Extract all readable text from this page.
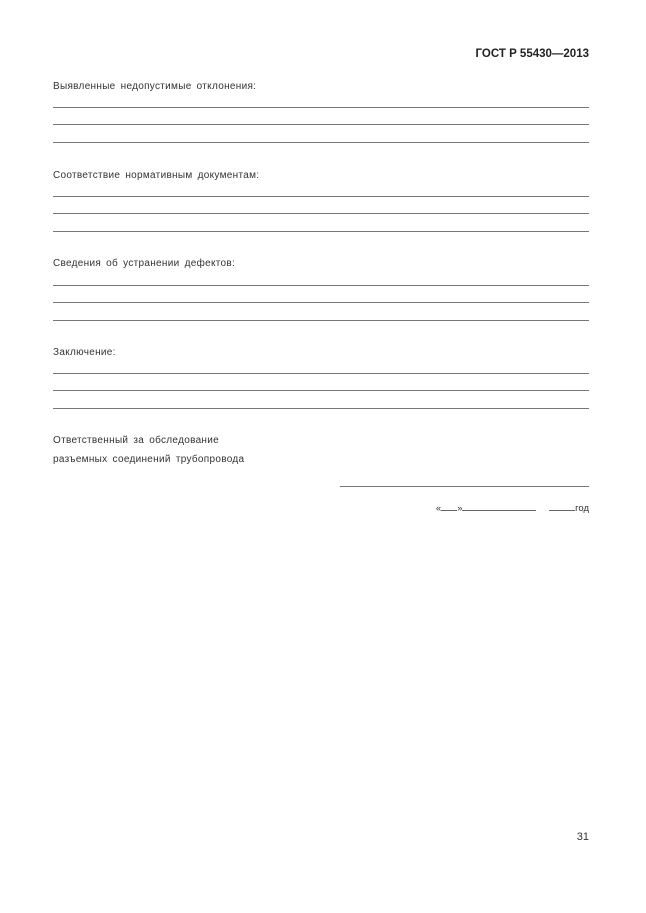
ГОСТ Р 55430—2013
Выявленные недопустимые отклонения:
Соответствие нормативным документам:
Сведения об устранении дефектов:
Заключение:
Ответственный за обследование
разъемных соединений трубопровода
« »	год
31
